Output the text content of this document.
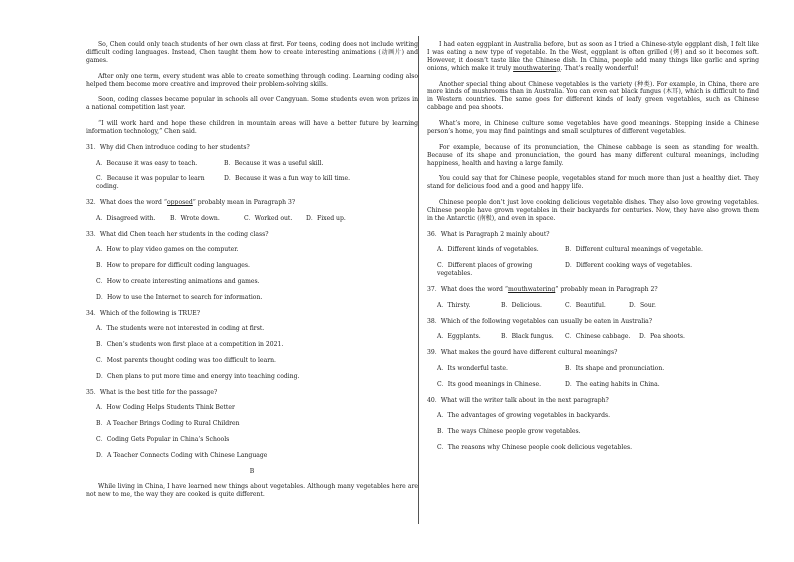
So, Chen could only teach students of her own class at first. For teens, coding does not include writing difficult coding languages. Instead, Chen taught them how to create interesting animations (动画片) and games.

After only one term, every student was able to create something through coding. Learning coding also helped them become more creative and improved their problem-solving skills.

Soon, coding classes became popular in schools all over Cangyuan. Some students even won prizes in a national competition last year.

“I will work hard and hope these children in mountain areas will have a better future by learning information technology,” Chen said.

31．Why did Chen introduce coding to her students?
A．Because it was easy to teach.	B．Because it was a useful skill.
C．Because it was popular to learn coding.
D．Because it was a fun way to kill time.
32．What does the word “opposed” probably mean in Paragraph 3?
A．Disagreed with.	B．Wrote down.	C．Worked out.	D．Fixed up.
33．What did Chen teach her students in the coding class?
A．How to play video games on the computer.
B．How to prepare for difficult coding languages.
C．How to create interesting animations and games.
D．How to use the Internet to search for information.
34．Which of the following is TRUE?
A．The students were not interested in coding at first.
B．Chen’s students won first place at a competition in 2021.
C．Most parents thought coding was too difficult to learn.
D．Chen plans to put more time and energy into teaching coding.
35．What is the best title for the passage?
A．How Coding Helps Students Think Better
B．A Teacher Brings Coding to Rural Children
C．Coding Gets Popular in China’s Schools
D．A Teacher Connects Coding with Chinese Language
B

While living in China, I have learned new things about vegetables. Although many vegetables here are not new to me, the way they are cooked is quite different.

I had eaten eggplant in Australia before, but as soon as I tried a Chinese-style eggplant dish, I felt like I was eating a new type of vegetable. In the West, eggplant is often grilled (烤) and so it becomes soft. However, it doesn’t taste like the Chinese dish. In China, people add many things like garlic and spring onions, which make it truly mouthwatering. That’s really wonderful!

Another special thing about Chinese vegetables is the variety (种类). For example, in China, there are more kinds of mushrooms than in Australia. You can even eat black fungus (木耳), which is difficult to find in Western countries. The same goes for different kinds of leafy green vegetables, such as Chinese cabbage and pea shoots.

What’s more, in Chinese culture some vegetables have good meanings. Stepping inside a Chinese person’s home, you may find paintings and small sculptures of different vegetables.

For example, because of its pronunciation, the Chinese cabbage is seen as standing for wealth. Because of its shape and pronunciation, the gourd has many different cultural meanings, including happiness, health and having a large family.

You could say that for Chinese people, vegetables stand for much more than just a healthy diet. They stand for delicious food and a good and happy life.

Chinese people don’t just love cooking delicious vegetable dishes. They also love growing vegetables. Chinese people have grown vegetables in their backyards for centuries. Now, they have also grown them in the Antarctic (南极), and even in space.

36．What is Paragraph 2 mainly about?
A．Different kinds of vegetables.	B．Different cultural meanings of vegetable.
C．Different places of growing vegetables.
D．Different cooking ways of vegetables.
37．What does the word “mouthwatering” probably mean in Paragraph 2?
A．Thirsty.	B．Delicious.	C．Beautiful.	D．Sour.
38．Which of the following vegetables can usually be eaten in Australia?
A．Eggplants.	B．Black fungus.	C．Chinese cabbage.	D．Pea shoots.
39．What makes the gourd have different cultural meanings?
A．Its wonderful taste.	B．Its shape and pronunciation.
C．Its good meanings in Chinese.	D．The eating habits in China.
40．What will the writer talk about in the next paragraph?
A．The advantages of growing vegetables in backyards.
B．The ways Chinese people grow vegetables.
C．The reasons why Chinese people cook delicious vegetables.
